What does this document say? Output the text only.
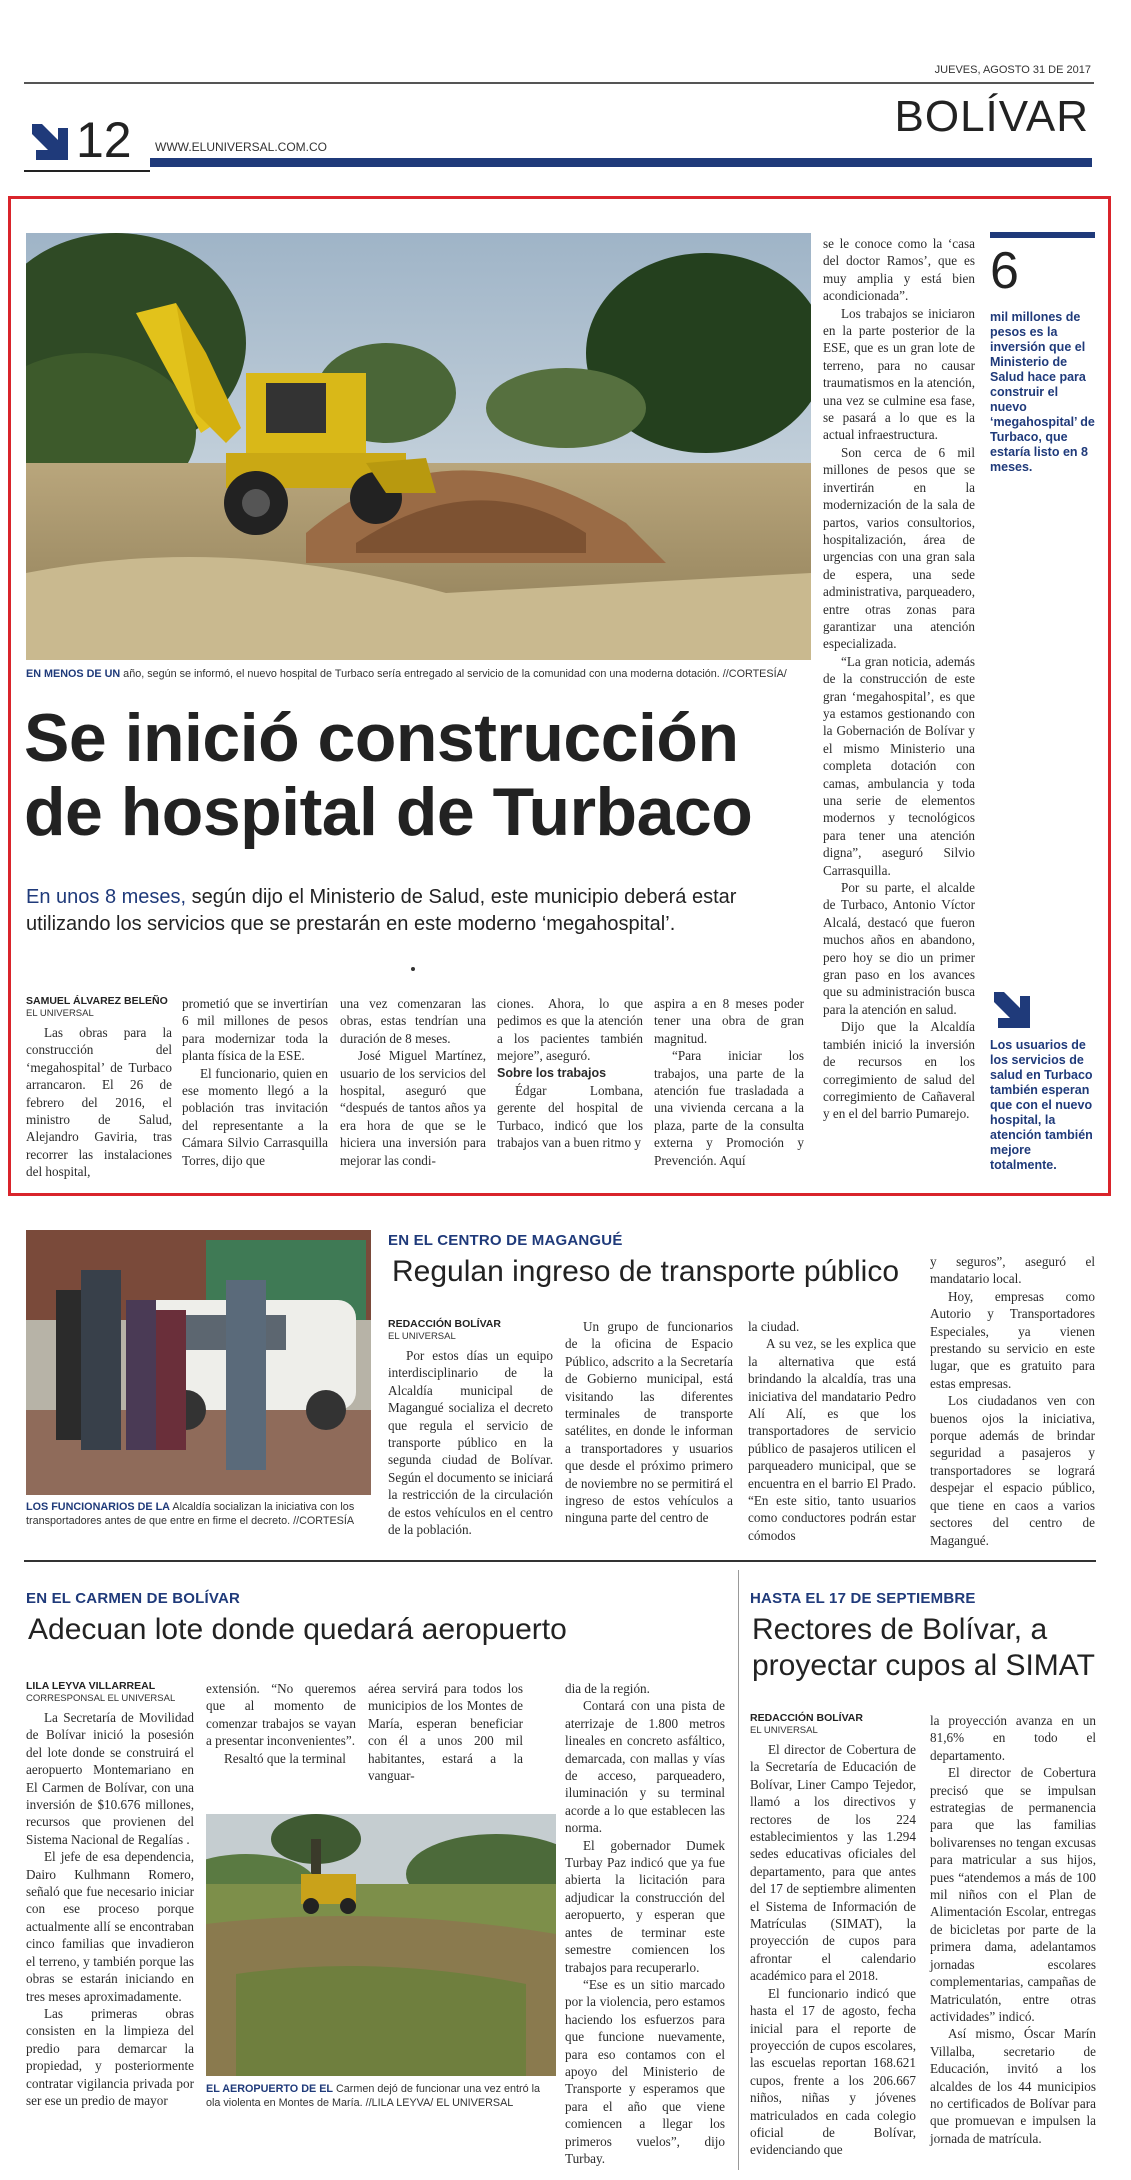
JUEVES, AGOSTO 31 DE 2017
BOLÍVAR
12 WWW.ELUNIVERSAL.COM.CO
EN MENOS DE UN año, según se informó, el nuevo hospital de Turbaco sería entregado al servicio de la comunidad con una moderna dotación. //CORTESÍA/
Se inició construcción
de hospital de Turbaco
En unos 8 meses, según dijo el Ministerio de Salud, este municipio deberá estar utilizando los servicios que se prestarán en este moderno ‘megahospital’.
SAMUEL ÁLVAREZ BELEÑO
EL UNIVERSAL

Las obras para la construcción del ‘megahospital’ de Turbaco arrancaron. El 26 de febrero del 2016, el ministro de Salud, Alejandro Gaviria, tras recorrer las instalaciones del hospital,

prometió que se invertirían 6 mil millones de pesos para modernizar toda la planta física de la ESE.

El funcionario, quien en ese momento llegó a la población tras invitación del representante a la Cámara Silvio Carrasquilla Torres, dijo que

una vez comenzaran las obras, estas tendrían una duración de 8 meses.

José Miguel Martínez, usuario de los servicios del hospital, aseguró que “después de tantos años ya era hora de que se le hiciera una inversión para mejorar las condi-

ciones. Ahora, lo que pedimos es que la atención a los pacientes también mejore”, aseguró.

Sobre los trabajos

Édgar Lombana, gerente del hospital de Turbaco, indicó que los trabajos van a buen ritmo y

aspira a en 8 meses poder tener una obra de gran magnitud.

“Para iniciar los trabajos, una parte de la atención fue trasladada a una vivienda cercana a la plaza, parte de la consulta externa y Promoción y Prevención. Aquí

se le conoce como la ‘casa del doctor Ramos’, que es muy amplia y está bien acondicionada”.

Los trabajos se iniciaron en la parte posterior de la ESE, que es un gran lote de terreno, para no causar traumatismos en la atención, una vez se culmine esa fase, se pasará a lo que es la actual infraestructura.

Son cerca de 6 mil millones de pesos que se invertirán en la modernización de la sala de partos, varios consultorios, hospitalización, área de urgencias con una gran sala de espera, una sede administrativa, parqueadero, entre otras zonas para garantizar una atención especializada.

“La gran noticia, además de la construcción de este gran ‘megahospital’, es que ya estamos gestionando con la Gobernación de Bolívar y el mismo Ministerio una completa dotación con camas, ambulancia y toda una serie de elementos modernos y tecnológicos para tener una atención digna”, aseguró Silvio Carrasquilla.

Por su parte, el alcalde de Turbaco, Antonio Víctor Alcalá, destacó que fueron muchos años en abandono, pero hoy se dio un primer gran paso en los avances que su administración busca para la atención en salud.

Dijo que la Alcaldía también inició la inversión de recursos en los corregimiento de salud del corregimiento de Cañaveral y en el del barrio Pumarejo.

6
mil millones de pesos es la inversión que el Ministerio de Salud hace para construir el nuevo ‘megahospital’ de Turbaco, que estaría listo en 8 meses.
Los usuarios de los servicios de salud en Turbaco también esperan que con el nuevo hospital, la atención también mejore totalmente.
LOS FUNCIONARIOS DE LA Alcaldía socializan la iniciativa con los transportadores antes de que entre en firme el decreto. //CORTESÍA
EN EL CENTRO DE MAGANGUÉ
Regulan ingreso de transporte público
REDACCIÓN BOLÍVAR
EL UNIVERSAL

Por estos días un equipo interdisciplinario de la Alcaldía municipal de Magangué socializa el decreto que regula el servicio de transporte público en la segunda ciudad de Bolívar. Según el documento se iniciará la restricción de la circulación de estos vehículos en el centro de la población.

Un grupo de funcionarios de la oficina de Espacio Público, adscrito a la Secretaría de Gobierno municipal, está visitando las diferentes terminales de transporte satélites, en donde le informan a transportadores y usuarios que desde el próximo primero de noviembre no se permitirá el ingreso de estos vehículos a ninguna parte del centro de

la ciudad.

A su vez, se les explica que la alternativa que está brindando la alcaldía, tras una iniciativa del mandatario Pedro Alí Alí, es que los transportadores de servicio público de pasajeros utilicen el parqueadero municipal, que se encuentra en el barrio El Prado. “En este sitio, tanto usuarios como conductores podrán estar cómodos

y seguros”, aseguró el mandatario local.

Hoy, empresas como Autorio y Transportadores Especiales, ya vienen prestando su servicio en este lugar, que es gratuito para estas empresas.

Los ciudadanos ven con buenos ojos la iniciativa, porque además de brindar seguridad a pasajeros y transportadores se logrará despejar el espacio público, que tiene en caos a varios sectores del centro de Magangué.

EN EL CARMEN DE BOLÍVAR
Adecuan lote donde quedará aeropuerto
LILA LEYVA VILLARREAL
CORRESPONSAL EL UNIVERSAL

La Secretaría de Movilidad de Bolívar inició la posesión del lote donde se construirá el aeropuerto Montemariano en El Carmen de Bolívar, con una inversión de $10.676 millones, recursos que provienen del Sistema Nacional de Regalías .

El jefe de esa dependencia, Dairo Kulhmann Romero, señaló que fue necesario iniciar con ese proceso porque actualmente allí se encontraban cinco familias que invadieron el terreno, y también porque las obras se estarán iniciando en tres meses aproximadamente.

Las primeras obras consisten en la limpieza del predio para demarcar la propiedad, y posteriormente contratar vigilancia privada por ser ese un predio de mayor

extensión. “No queremos que al momento de comenzar trabajos se vayan a presentar inconvenientes”.

Resaltó que la terminal

aérea servirá para todos los municipios de los Montes de María, esperan beneficiar con él a unos 200 mil habitantes, estará a la vanguar-

dia de la región.

Contará con una pista de aterrizaje de 1.800 metros lineales en concreto asfáltico, demarcada, con mallas y vías de acceso, parqueadero, iluminación y su terminal acorde a lo que establecen las norma.

El gobernador Dumek Turbay Paz indicó que ya fue abierta la licitación para adjudicar la construcción del aeropuerto, y esperan que antes de terminar este semestre comiencen los trabajos para recuperarlo.

“Ese es un sitio marcado por la violencia, pero estamos haciendo los esfuerzos para que funcione nuevamente, para eso contamos con el apoyo del Ministerio de Transporte y esperamos que para el año que viene comiencen a llegar los primeros vuelos”, dijo Turbay.

EL AEROPUERTO DE EL Carmen dejó de funcionar una vez entró la ola violenta en Montes de María. //LILA LEYVA/ EL UNIVERSAL
HASTA EL 17 DE SEPTIEMBRE
Rectores de Bolívar, a
proyectar cupos al SIMAT
REDACCIÓN BOLÍVAR
EL UNIVERSAL

El director de Cobertura de la Secretaría de Educación de Bolívar, Liner Campo Tejedor, llamó a los directivos y rectores de los 224 establecimientos y las 1.294 sedes educativas oficiales del departamento, para que antes del 17 de septiembre alimenten el Sistema de Información de Matrículas (SIMAT), la proyección de cupos para afrontar el calendario académico para el 2018.

El funcionario indicó que hasta el 17 de agosto, fecha inicial para el reporte de proyección de cupos escolares, las escuelas reportan 168.621 cupos, frente a los 206.667 niños, niñas y jóvenes matriculados en cada colegio oficial de Bolívar, evidenciando que

la proyección avanza en un 81,6% en todo el departamento.

El director de Cobertura precisó que se impulsan estrategias de permanencia para que las familias bolivarenses no tengan excusas para matricular a sus hijos, pues “atendemos a más de 100 mil niños con el Plan de Alimentación Escolar, entregas de bicicletas por parte de la primera dama, adelantamos jornadas escolares complementarias, campañas de Matriculatón, entre otras actividades” indicó.

Así mismo, Óscar Marín Villalba, secretario de Educación, invitó a los alcaldes de los 44 municipios no certificados de Bolívar para que promuevan e impulsen la jornada de matrícula.
